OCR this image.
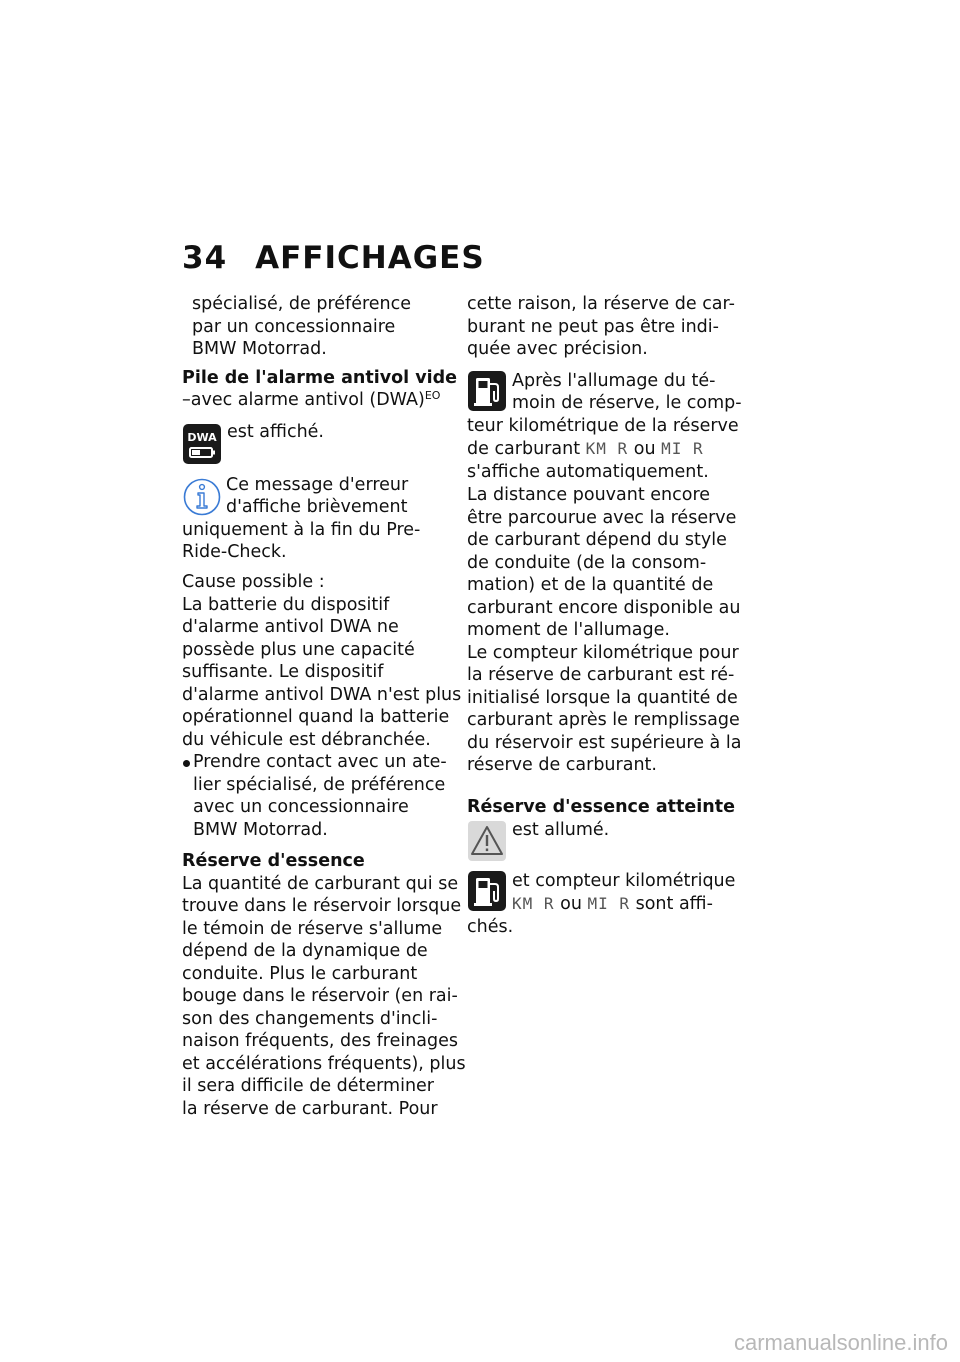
34 AFFICHAGES

spécialisé, de préférence
par un concessionnaire
BMW Motorrad.

Pile de l'alarme antivol vide

–avec alarme antivol (DWA)$^{EO}$

DWA est affiché.
Ce message d'erreur
d'affiche brièvement
uniquement à la fin du Pre-
Ride-Check.

Cause possible :
La batterie du dispositif
d'alarme antivol DWA ne
possède plus une capacité
suffisante. Le dispositif
d'alarme antivol DWA n'est plus
opérationnel quand la batterie
du véhicule est débranchée.

Prendre contact avec un ate-
lier spécialisé, de préférence
avec un concessionnaire
BMW Motorrad.

Réserve d'essence

La quantité de carburant qui se
trouve dans le réservoir lorsque
le témoin de réserve s'allume
dépend de la dynamique de
conduite. Plus le carburant
bouge dans le réservoir (en rai-
son des changements d'incli-
naison fréquents, des freinages
et accélérations fréquents), plus
il sera difficile de déterminer
la réserve de carburant. Pour

cette raison, la réserve de car-
burant ne peut pas être indi-
quée avec précision.

Après l'allumage du té-
moin de réserve, le comp-
teur kilométrique de la réserve
de carburant KM R ou MI R
s'affiche automatiquement.

La distance pouvant encore
être parcourue avec la réserve
de carburant dépend du style
de conduite (de la consom-
mation) et de la quantité de
carburant encore disponible au
moment de l'allumage.
Le compteur kilométrique pour
la réserve de carburant est ré-
initialisé lorsque la quantité de
carburant après le remplissage
du réservoir est supérieure à la
réserve de carburant.

Réserve d'essence atteinte
est allumé.
et compteur kilométrique
KM R ou MI R sont affi-
chés.
carmanualsonline.info
